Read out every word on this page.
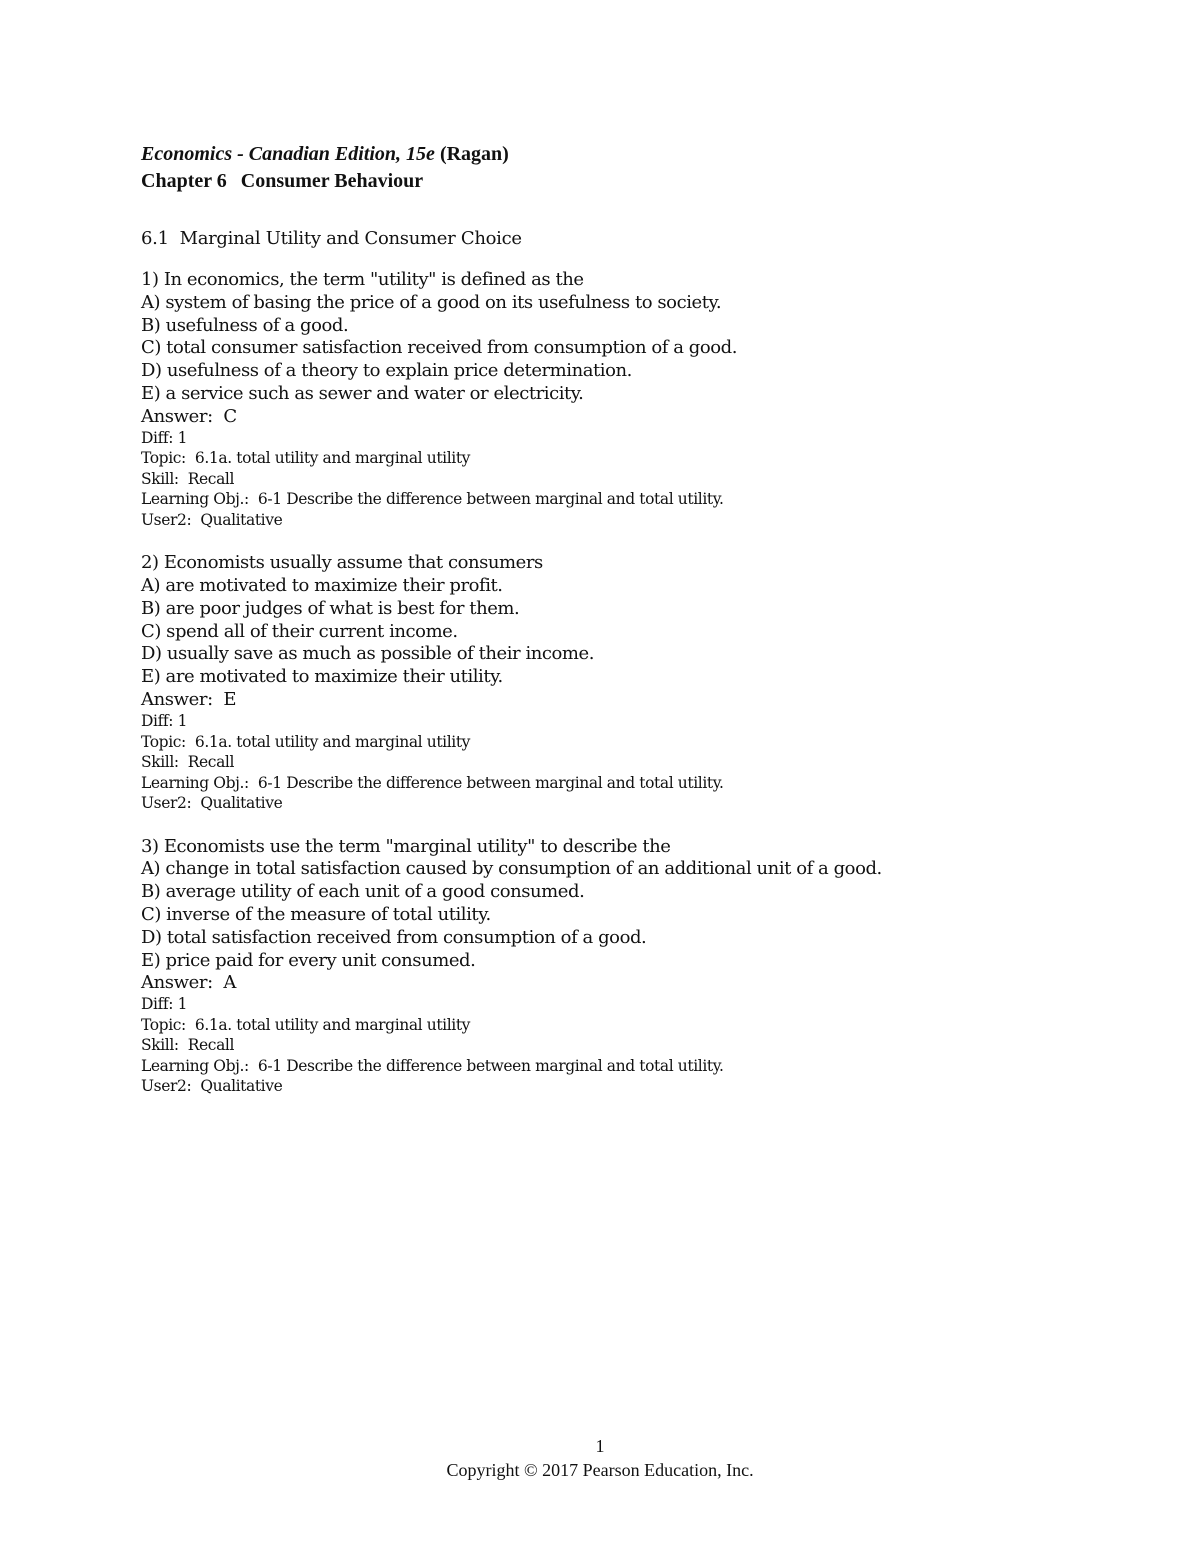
Economics - Canadian Edition, 15e (Ragan)
Chapter 6 Consumer Behaviour
6.1  Marginal Utility and Consumer Choice
1) In economics, the term "utility" is defined as the
A) system of basing the price of a good on its usefulness to society.
B) usefulness of a good.
C) total consumer satisfaction received from consumption of a good.
D) usefulness of a theory to explain price determination.
E) a service such as sewer and water or electricity.
Answer:  C
Diff: 1
Topic:  6.1a. total utility and marginal utility
Skill:  Recall
Learning Obj.:  6-1 Describe the difference between marginal and total utility.
User2:  Qualitative
2) Economists usually assume that consumers
A) are motivated to maximize their profit.
B) are poor judges of what is best for them.
C) spend all of their current income.
D) usually save as much as possible of their income.
E) are motivated to maximize their utility.
Answer:  E
Diff: 1
Topic:  6.1a. total utility and marginal utility
Skill:  Recall
Learning Obj.:  6-1 Describe the difference between marginal and total utility.
User2:  Qualitative
3) Economists use the term "marginal utility" to describe the
A) change in total satisfaction caused by consumption of an additional unit of a good.
B) average utility of each unit of a good consumed.
C) inverse of the measure of total utility.
D) total satisfaction received from consumption of a good.
E) price paid for every unit consumed.
Answer:  A
Diff: 1
Topic:  6.1a. total utility and marginal utility
Skill:  Recall
Learning Obj.:  6-1 Describe the difference between marginal and total utility.
User2:  Qualitative
1
Copyright © 2017 Pearson Education, Inc.
